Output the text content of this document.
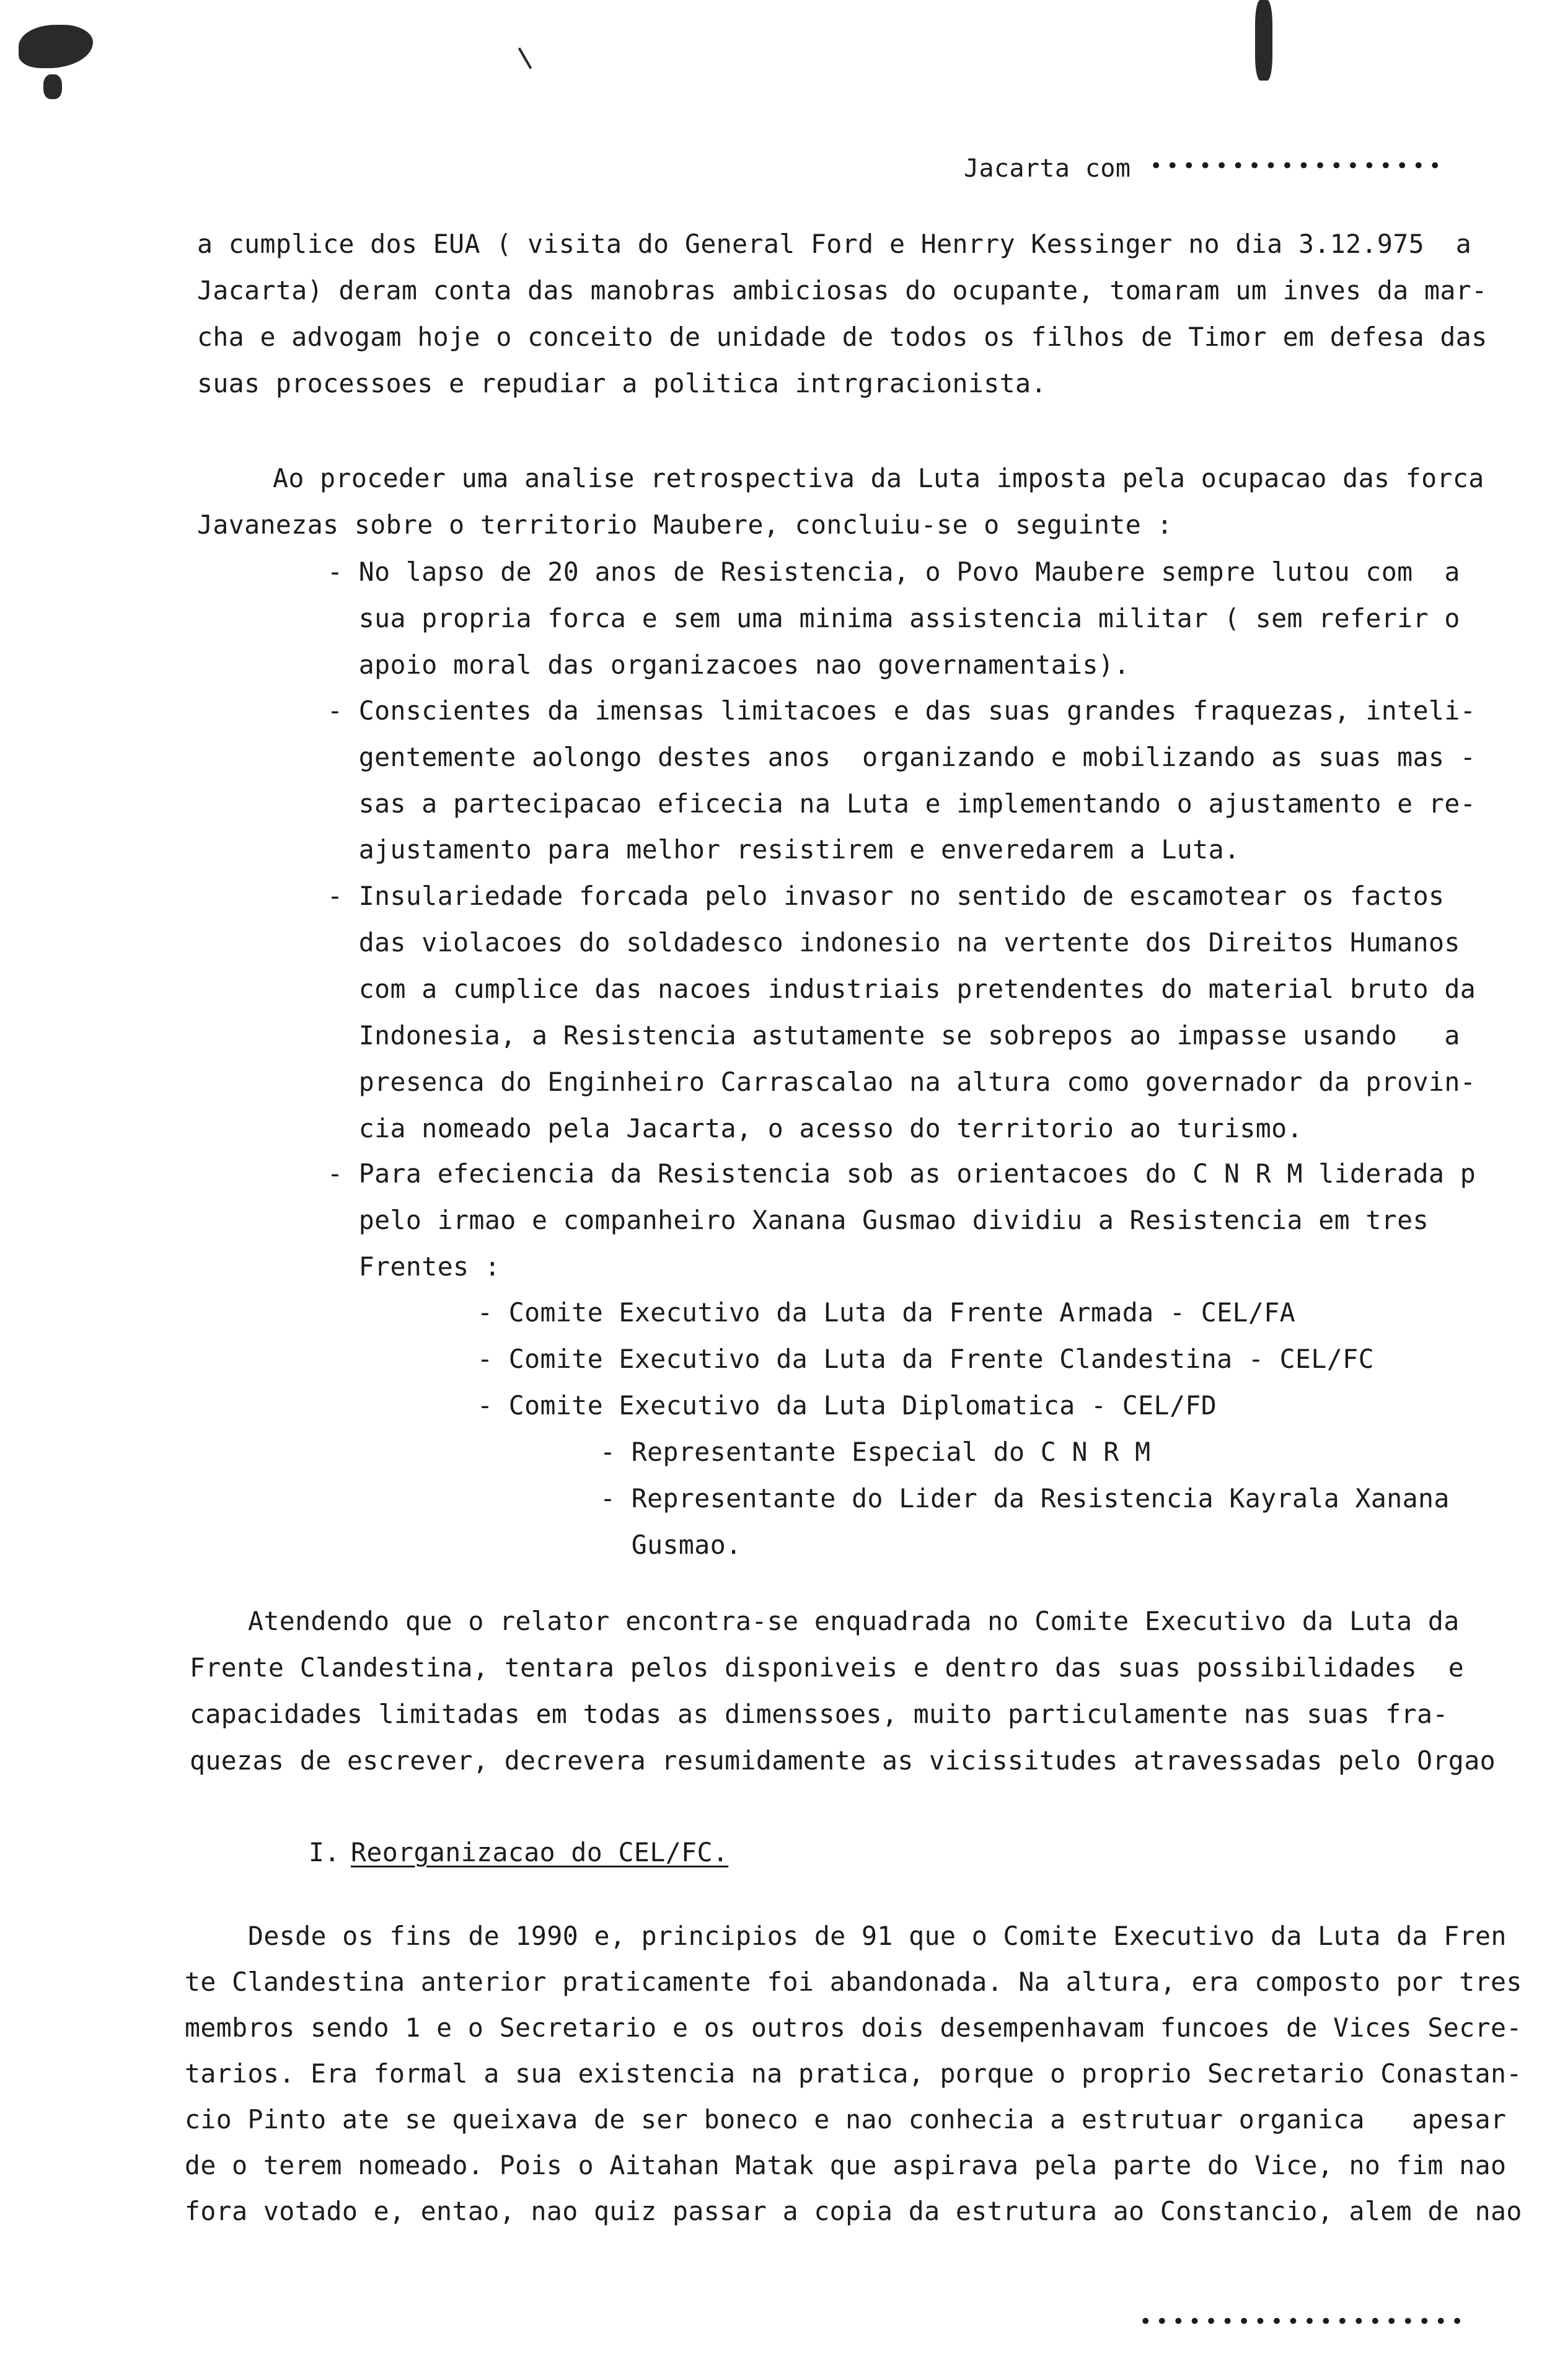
Jacarta com ••••••••••••••••••
a cumplice dos EUA ( visita do General Ford e Henrry Kessinger no dia 3.12.975  a
Jacarta) deram conta das manobras ambiciosas do ocupante, tomaram um inves da mar-
cha e advogam hoje o conceito de unidade de todos os filhos de Timor em defesa das
suas processoes e repudiar a politica intrgracionista.
Ao proceder uma analise retrospectiva da Luta imposta pela ocupacao das forca
Javanezas sobre o territorio Maubere, concluiu-se o seguinte :
- No lapso de 20 anos de Resistencia, o Povo Maubere sempre lutou com  a
sua propria forca e sem uma minima assistencia militar ( sem referir o
apoio moral das organizacoes nao governamentais).
- Conscientes da imensas limitacoes e das suas grandes fraquezas, inteli-
gentemente aolongo destes anos  organizando e mobilizando as suas mas -
sas a partecipacao eficecia na Luta e implementando o ajustamento e re-
ajustamento para melhor resistirem e enveredarem a Luta.
- Insulariedade forcada pelo invasor no sentido de escamotear os factos
das violacoes do soldadesco indonesio na vertente dos Direitos Humanos
com a cumplice das nacoes industriais pretendentes do material bruto da
Indonesia, a Resistencia astutamente se sobrepos ao impasse usando   a
presenca do Enginheiro Carrascalao na altura como governador da provin-
cia nomeado pela Jacarta, o acesso do territorio ao turismo.
- Para efeciencia da Resistencia sob as orientacoes do C N R M liderada p
pelo irmao e companheiro Xanana Gusmao dividiu a Resistencia em tres
Frentes :
- Comite Executivo da Luta da Frente Armada - CEL/FA
- Comite Executivo da Luta da Frente Clandestina - CEL/FC
- Comite Executivo da Luta Diplomatica - CEL/FD
- Representante Especial do C N R M
- Representante do Lider da Resistencia Kayrala Xanana
Gusmao.
Atendendo que o relator encontra-se enquadrada no Comite Executivo da Luta da
Frente Clandestina, tentara pelos disponiveis e dentro das suas possibilidades  e
capacidades limitadas em todas as dimenssoes, muito particulamente nas suas fra-
quezas de escrever, decrevera resumidamente as vicissitudes atravessadas pelo Orgao
I. Reorganizacao do CEL/FC.
Desde os fins de 1990 e, principios de 91 que o Comite Executivo da Luta da Fren
te Clandestina anterior praticamente foi abandonada. Na altura, era composto por tres
membros sendo 1 e o Secretario e os outros dois desempenhavam funcoes de Vices Secre-
tarios. Era formal a sua existencia na pratica, porque o proprio Secretario Conastan-
cio Pinto ate se queixava de ser boneco e nao conhecia a estrutuar organica   apesar
de o terem nomeado. Pois o Aitahan Matak que aspirava pela parte do Vice, no fim nao
fora votado e, entao, nao quiz passar a copia da estrutura ao Constancio, alem de nao
••••••••••••••••••••
